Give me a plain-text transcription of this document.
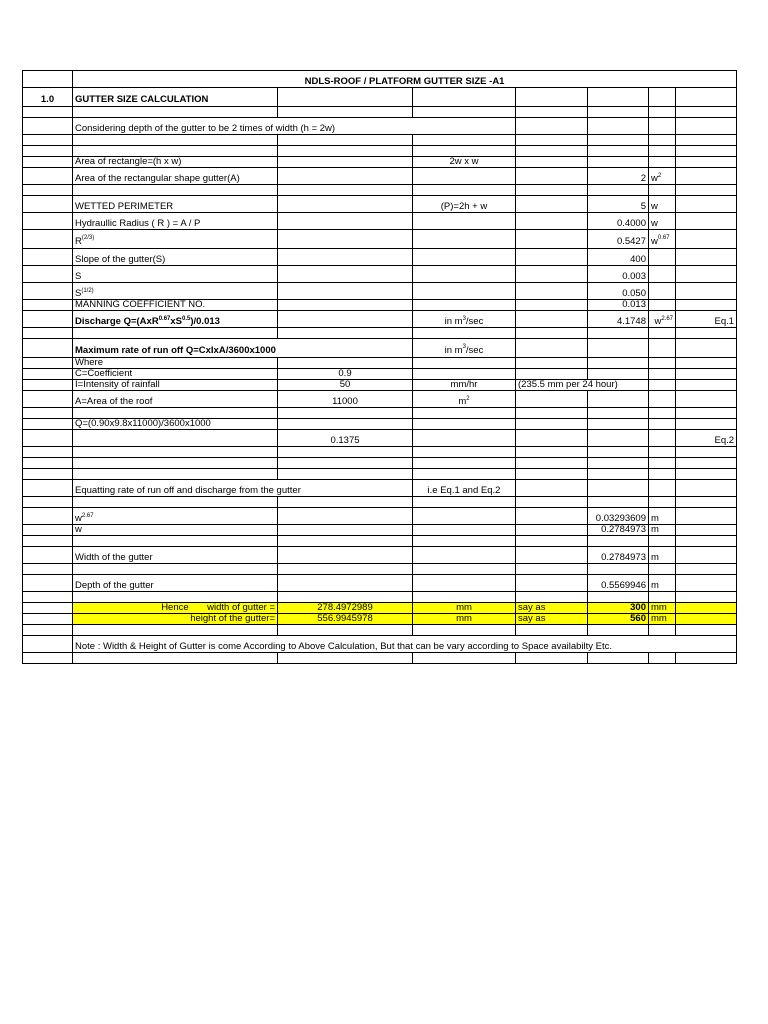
	NDLS-ROOF / PLATFORM GUTTER SIZE -A1						
1.0	GUTTER SIZE CALCULATION						

	Considering depth of the gutter to be 2 times of width (h = 2w)						

	Area of rectangle=(h x w)		2w x w				
	Area of the rectangular shape gutter(A)				2	$w^2$	

	WETTED PERIMETER		(P)=2h + w		5	w	
	Hydraullic Radius ( R ) = A / P				0.4000	w	
	$R^{(2/3)}$				0.5427	$w^{0.67}$	
	Slope of the gutter(S)				400		
	S				0.003		
	$S^{(1/2)}$				0.050		
	MANNING COEFFICIENT NO.				0.013		
	Discharge $Q=(AxR^{0.67}xS^{0.5})/0.013$		in $m^3/\sec$		4.1748	$w^{2.67}$	Eq.1

	Maximum rate of run off Q=CxIxA/3600x1000		in $m^3/\sec$				
	Where						
	C=Coefficient	0.9					
	I=Intensity of rainfall	50	mm/hr	(235.5 mm per 24 hour)			
	A=Area of the roof	11000	$m^2$				

	Q=(0.90x9.8x11000)/3600x1000						
		0.1375					Eq.2

	Equatting rate of run off and discharge from the gutter		i.e Eq.1 and Eq.2				

	$w^{2.67}$				0.03293609	m	
	w				0.2784973	m	

	Width of the gutter				0.2784973	m	

	Depth of the gutter				0.5569946	m	

	Hence width of gutter =	278.4972989	mm	say as	300	mm	
	height of the gutter=	556.9945978	mm	say as	560	mm	

	Note : Width & Height of Gutter is come According to Above Calculation, But that can be vary according to Space availabilty Etc.						
